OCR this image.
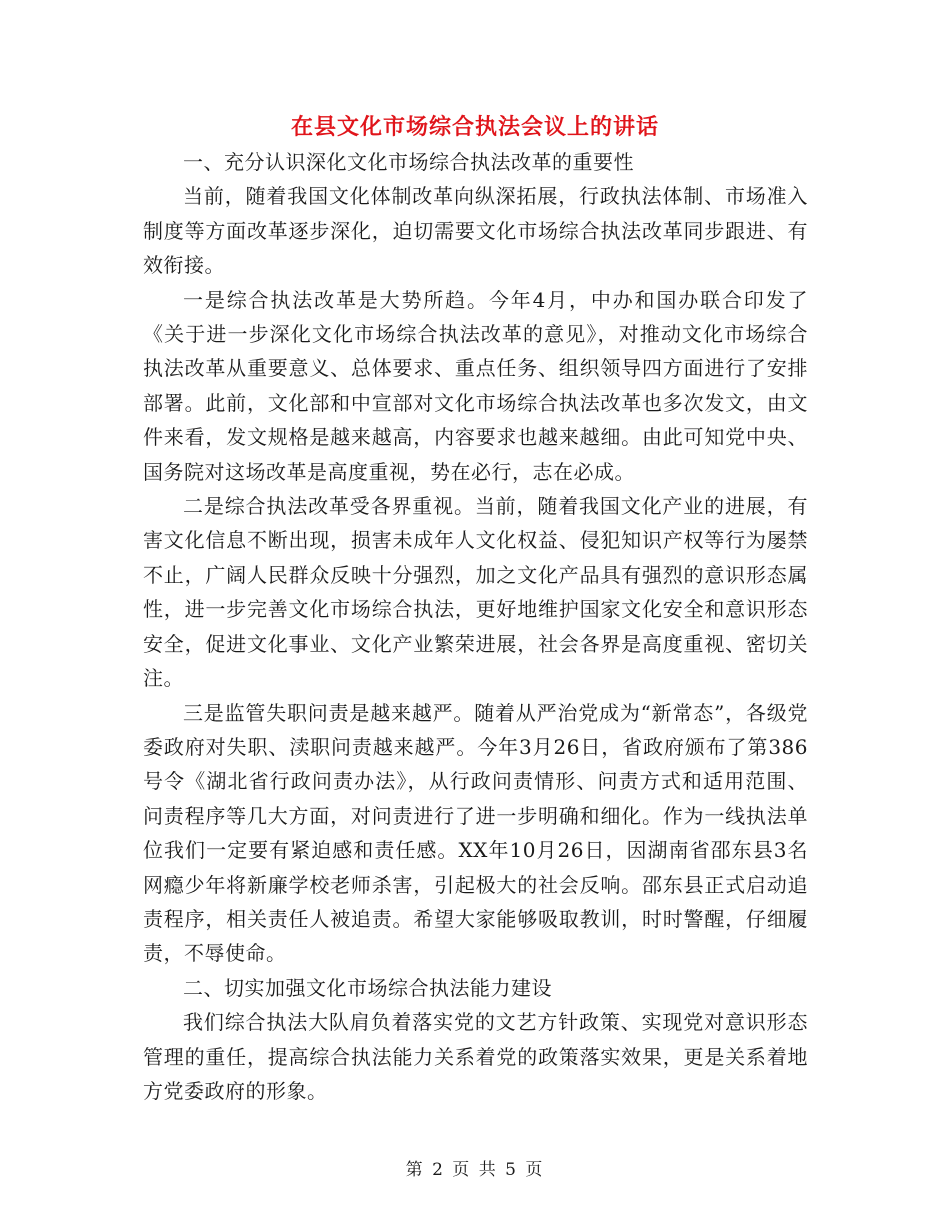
在县文化市场综合执法会议上的讲话

一、充分认识深化文化市场综合执法改革的重要性

当前，随着我国文化体制改革向纵深拓展，行政执法体制、市场准入制度等方面改革逐步深化，迫切需要文化市场综合执法改革同步跟进、有效衔接。

一是综合执法改革是大势所趋。今年4月，中办和国办联合印发了《关于进一步深化文化市场综合执法改革的意见》，对推动文化市场综合执法改革从重要意义、总体要求、重点任务、组织领导四方面进行了安排部署。此前，文化部和中宣部对文化市场综合执法改革也多次发文，由文件来看，发文规格是越来越高，内容要求也越来越细。由此可知党中央、国务院对这场改革是高度重视，势在必行，志在必成。

二是综合执法改革受各界重视。当前，随着我国文化产业的进展，有害文化信息不断出现，损害未成年人文化权益、侵犯知识产权等行为屡禁不止，广阔人民群众反映十分强烈，加之文化产品具有强烈的意识形态属性，进一步完善文化市场综合执法，更好地维护国家文化安全和意识形态安全，促进文化事业、文化产业繁荣进展，社会各界是高度重视、密切关注。

三是监管失职问责是越来越严。随着从严治党成为“新常态”，各级党委政府对失职、渎职问责越来越严。今年3月26日，省政府颁布了第386号令《湖北省行政问责办法》，从行政问责情形、问责方式和适用范围、问责程序等几大方面，对问责进行了进一步明确和细化。作为一线执法单位我们一定要有紧迫感和责任感。XX年10月26日，因湖南省邵东县3名网瘾少年将新廉学校老师杀害，引起极大的社会反响。邵东县正式启动追责程序，相关责任人被追责。希望大家能够吸取教训，时时警醒，仔细履责，不辱使命。

二、切实加强文化市场综合执法能力建设

我们综合执法大队肩负着落实党的文艺方针政策、实现党对意识形态管理的重任，提高综合执法能力关系着党的政策落实效果，更是关系着地方党委政府的形象。

第 2 页 共 5 页
